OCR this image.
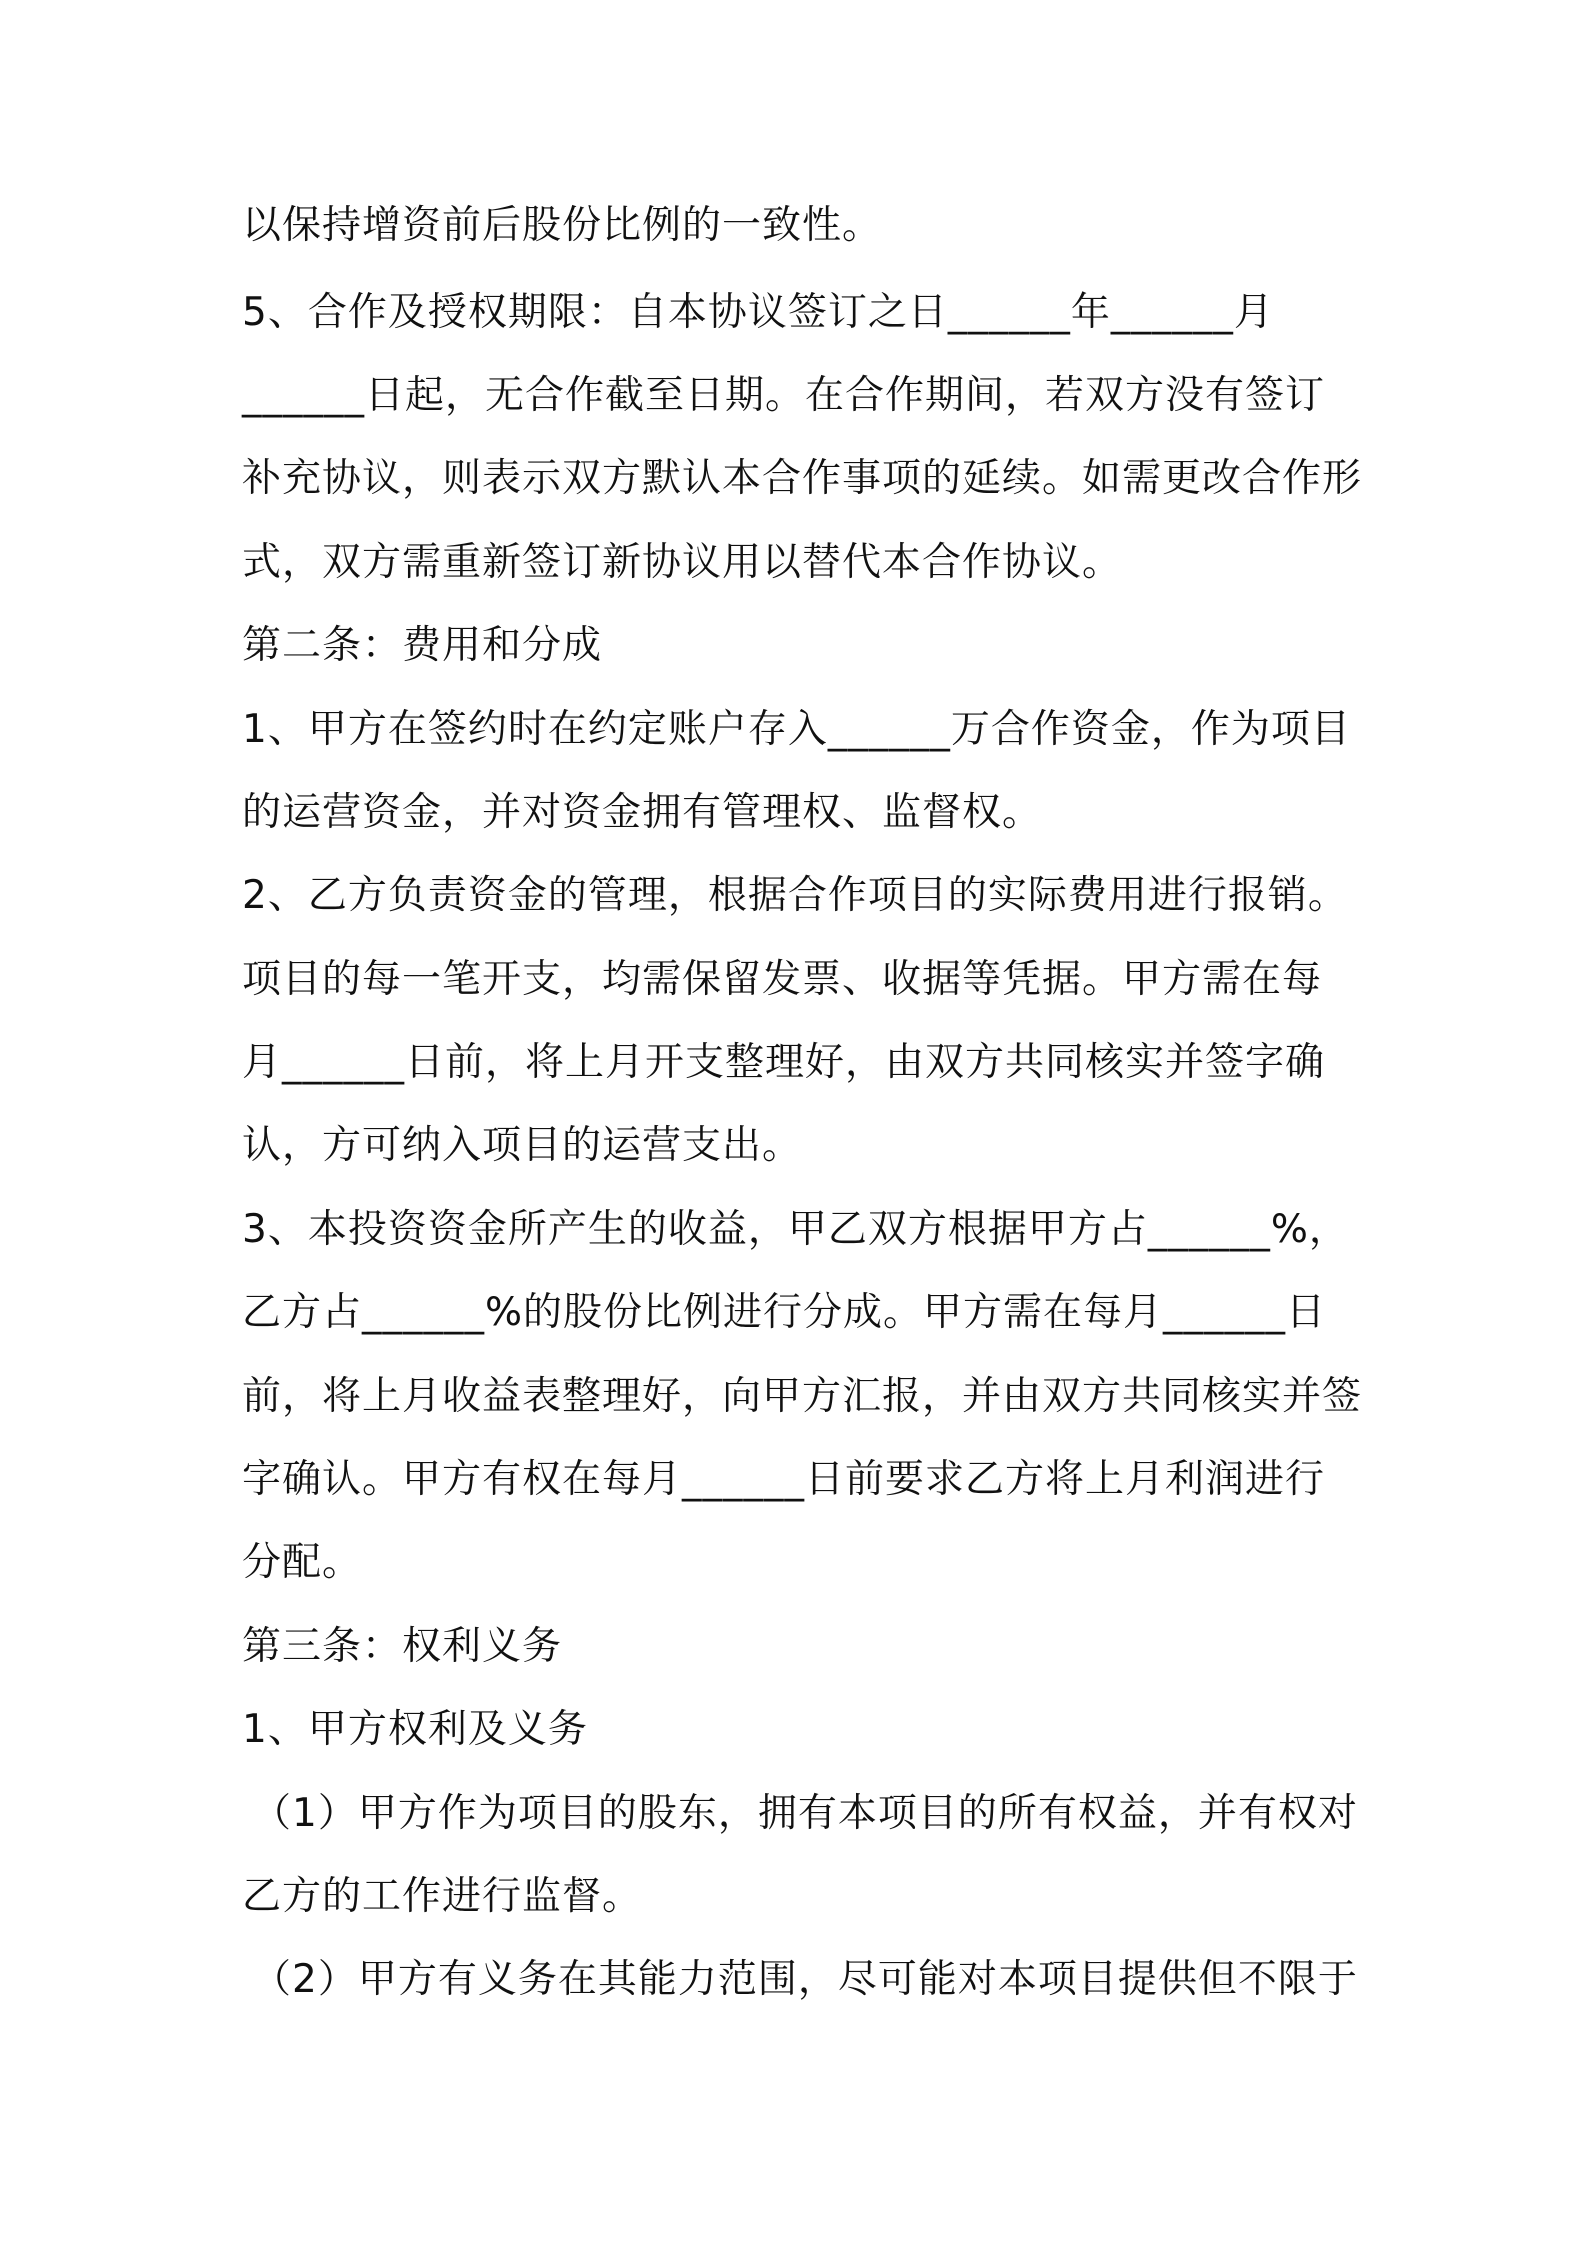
以保持增资前后股份比例的一致性。
5、合作及授权期限：自本协议签订之日______年______月
______日起，无合作截至日期。在合作期间，若双方没有签订
补充协议，则表示双方默认本合作事项的延续。如需更改合作形
式，双方需重新签订新协议用以替代本合作协议。
第二条：费用和分成
1、甲方在签约时在约定账户存入______万合作资金，作为项目
的运营资金，并对资金拥有管理权、监督权。
2、乙方负责资金的管理，根据合作项目的实际费用进行报销。
项目的每一笔开支，均需保留发票、收据等凭据。甲方需在每
月______日前，将上月开支整理好，由双方共同核实并签字确
认，方可纳入项目的运营支出。
3、本投资资金所产生的收益，甲乙双方根据甲方占______%，
乙方占______%的股份比例进行分成。甲方需在每月______日
前，将上月收益表整理好，向甲方汇报，并由双方共同核实并签
字确认。甲方有权在每月______日前要求乙方将上月利润进行
分配。
第三条：权利义务
1、甲方权利及义务
（1）甲方作为项目的股东，拥有本项目的所有权益，并有权对
乙方的工作进行监督。
（2）甲方有义务在其能力范围，尽可能对本项目提供但不限于
